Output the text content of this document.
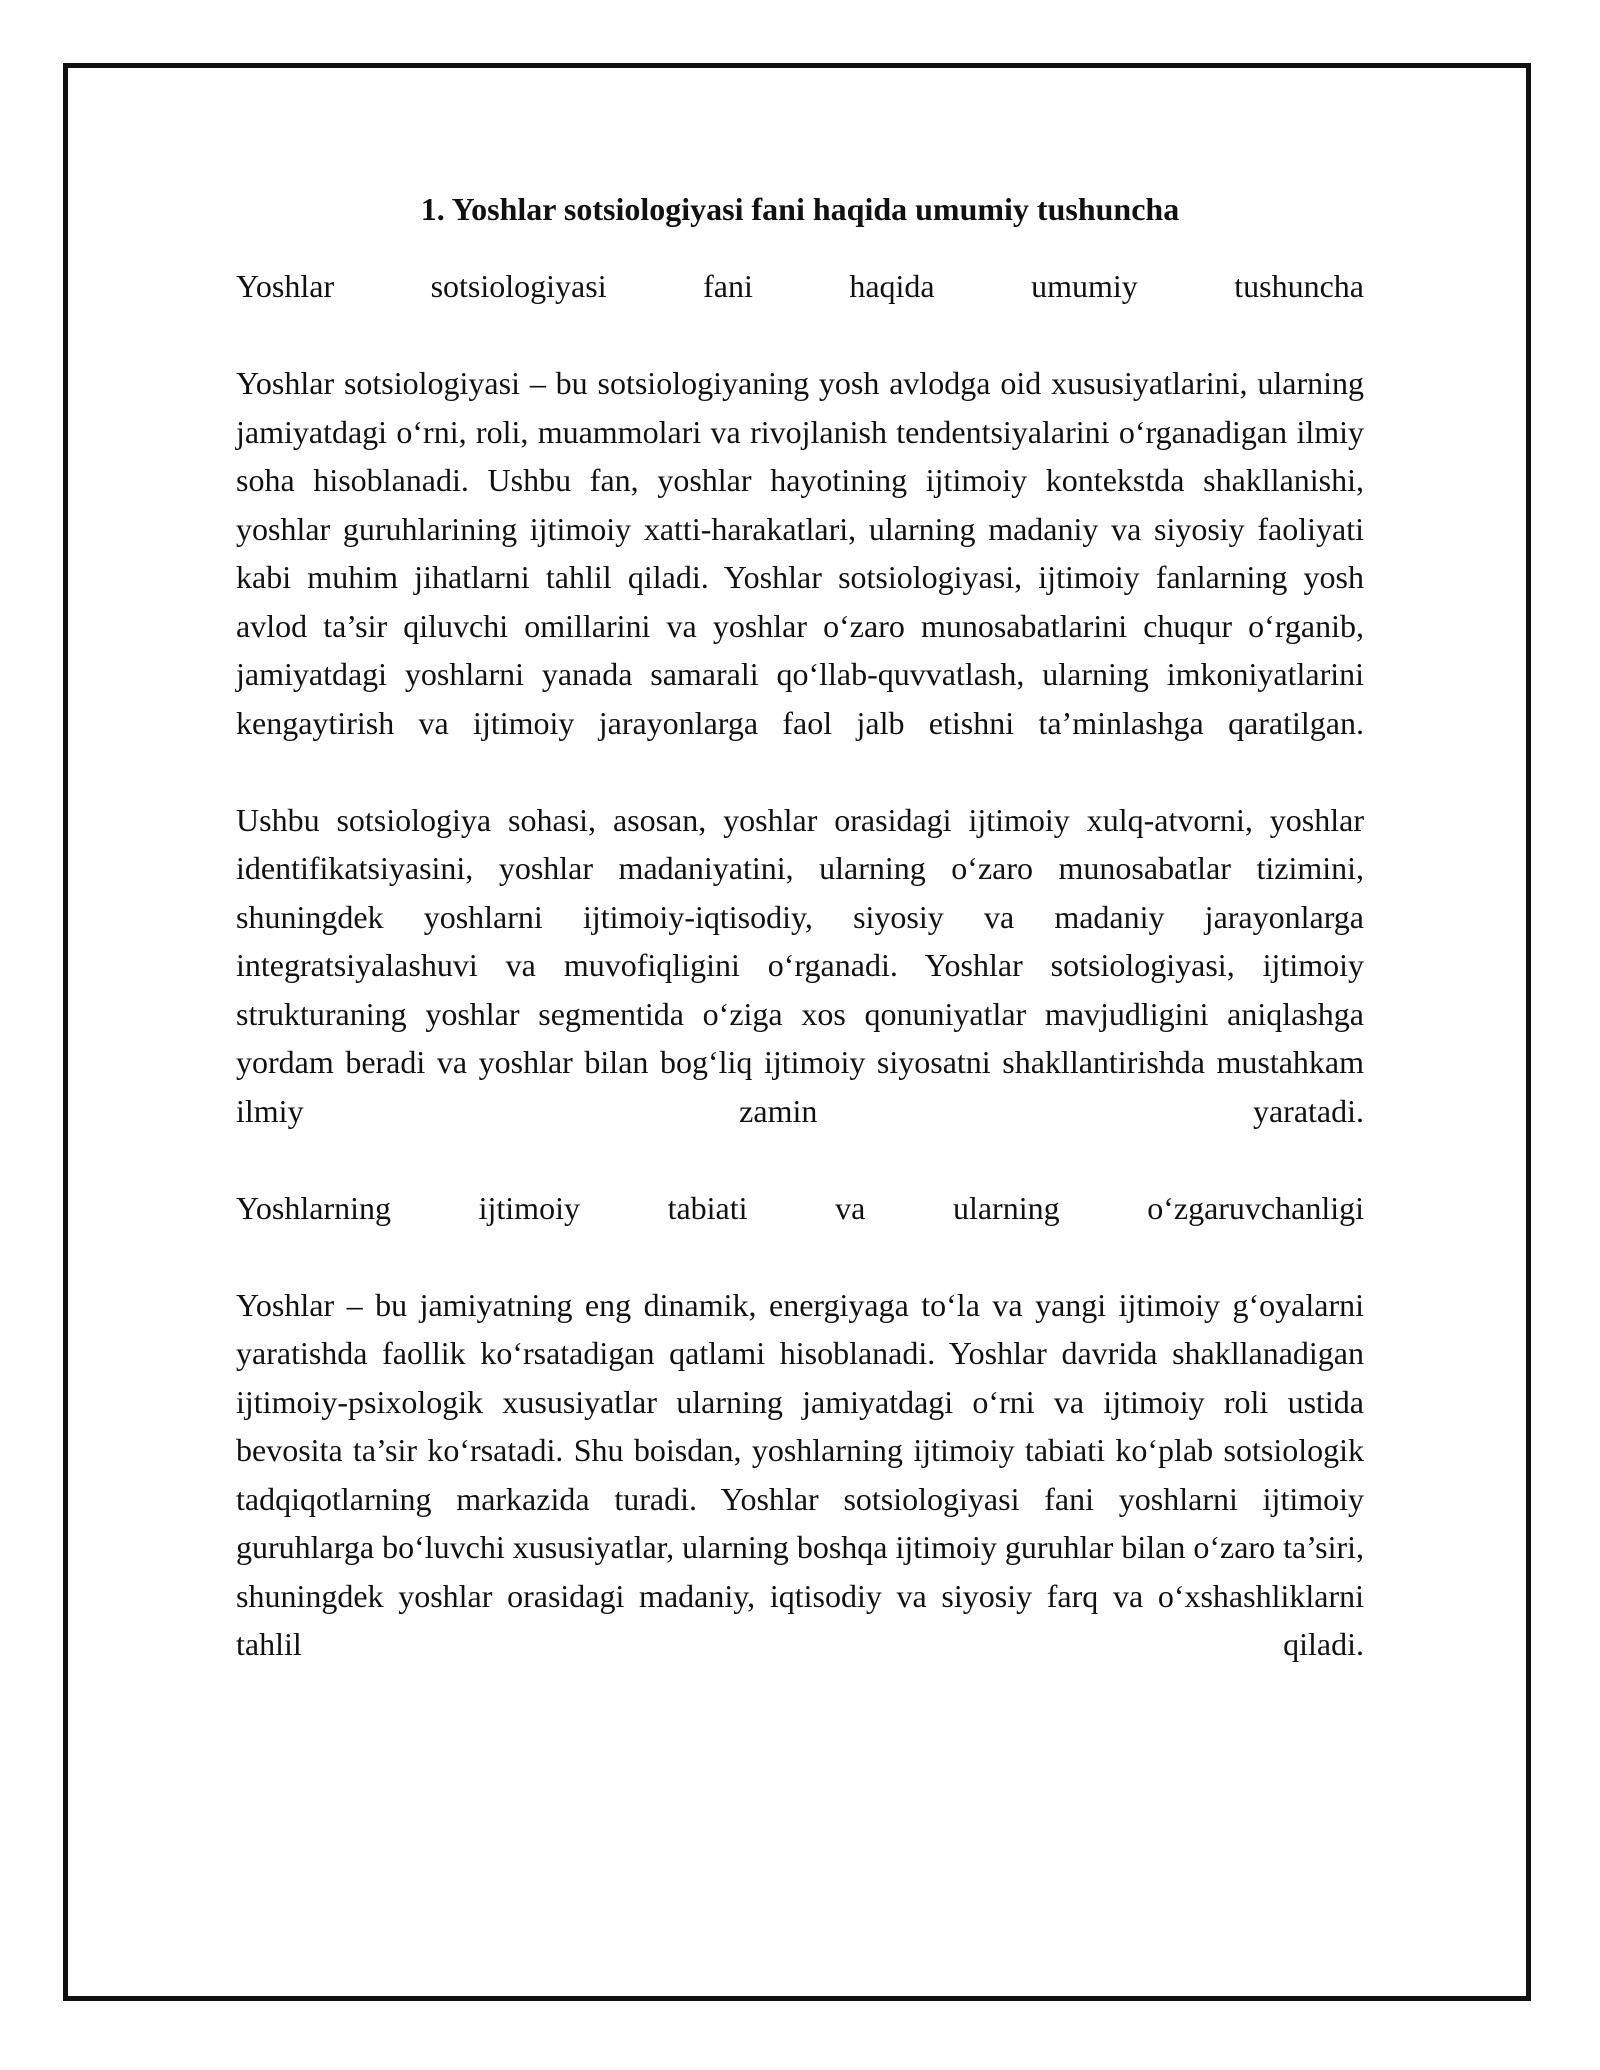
1. Yoshlar sotsiologiyasi fani haqida umumiy tushuncha

Yoshlar sotsiologiyasi fani haqida umumiy tushuncha

Yoshlar sotsiologiyasi – bu sotsiologiyaning yosh avlodga oid xususiyatlarini, ularning jamiyatdagi o‘rni, roli, muammolari va rivojlanish tendentsiyalarini o‘rganadigan ilmiy soha hisoblanadi. Ushbu fan, yoshlar hayotining ijtimoiy kontekstda shakllanishi, yoshlar guruhlarining ijtimoiy xatti-harakatlari, ularning madaniy va siyosiy faoliyati kabi muhim jihatlarni tahlil qiladi. Yoshlar sotsiologiyasi, ijtimoiy fanlarning yosh avlod ta’sir qiluvchi omillarini va yoshlar o‘zaro munosabatlarini chuqur o‘rganib, jamiyatdagi yoshlarni yanada samarali qo‘llab-quvvatlash, ularning imkoniyatlarini kengaytirish va ijtimoiy jarayonlarga faol jalb etishni ta’minlashga qaratilgan.

Ushbu sotsiologiya sohasi, asosan, yoshlar orasidagi ijtimoiy xulq-atvorni, yoshlar identifikatsiyasini, yoshlar madaniyatini, ularning o‘zaro munosabatlar tizimini, shuningdek yoshlarni ijtimoiy-iqtisodiy, siyosiy va madaniy jarayonlarga integratsiyalashuvi va muvofiqligini o‘rganadi. Yoshlar sotsiologiyasi, ijtimoiy strukturaning yoshlar segmentida o‘ziga xos qonuniyatlar mavjudligini aniqlashga yordam beradi va yoshlar bilan bog‘liq ijtimoiy siyosatni shakllantirishda mustahkam ilmiy zamin yaratadi.

Yoshlarning ijtimoiy tabiati va ularning o‘zgaruvchanligi

Yoshlar – bu jamiyatning eng dinamik, energiyaga to‘la va yangi ijtimoiy g‘oyalarni yaratishda faollik ko‘rsatadigan qatlami hisoblanadi. Yoshlar davrida shakllanadigan ijtimoiy-psixologik xususiyatlar ularning jamiyatdagi o‘rni va ijtimoiy roli ustida bevosita ta’sir ko‘rsatadi. Shu boisdan, yoshlarning ijtimoiy tabiati ko‘plab sotsiologik tadqiqotlarning markazida turadi. Yoshlar sotsiologiyasi fani yoshlarni ijtimoiy guruhlarga bo‘luvchi xususiyatlar, ularning boshqa ijtimoiy guruhlar bilan o‘zaro ta’siri, shuningdek yoshlar orasidagi madaniy, iqtisodiy va siyosiy farq va o‘xshashliklarni tahlil qiladi.
